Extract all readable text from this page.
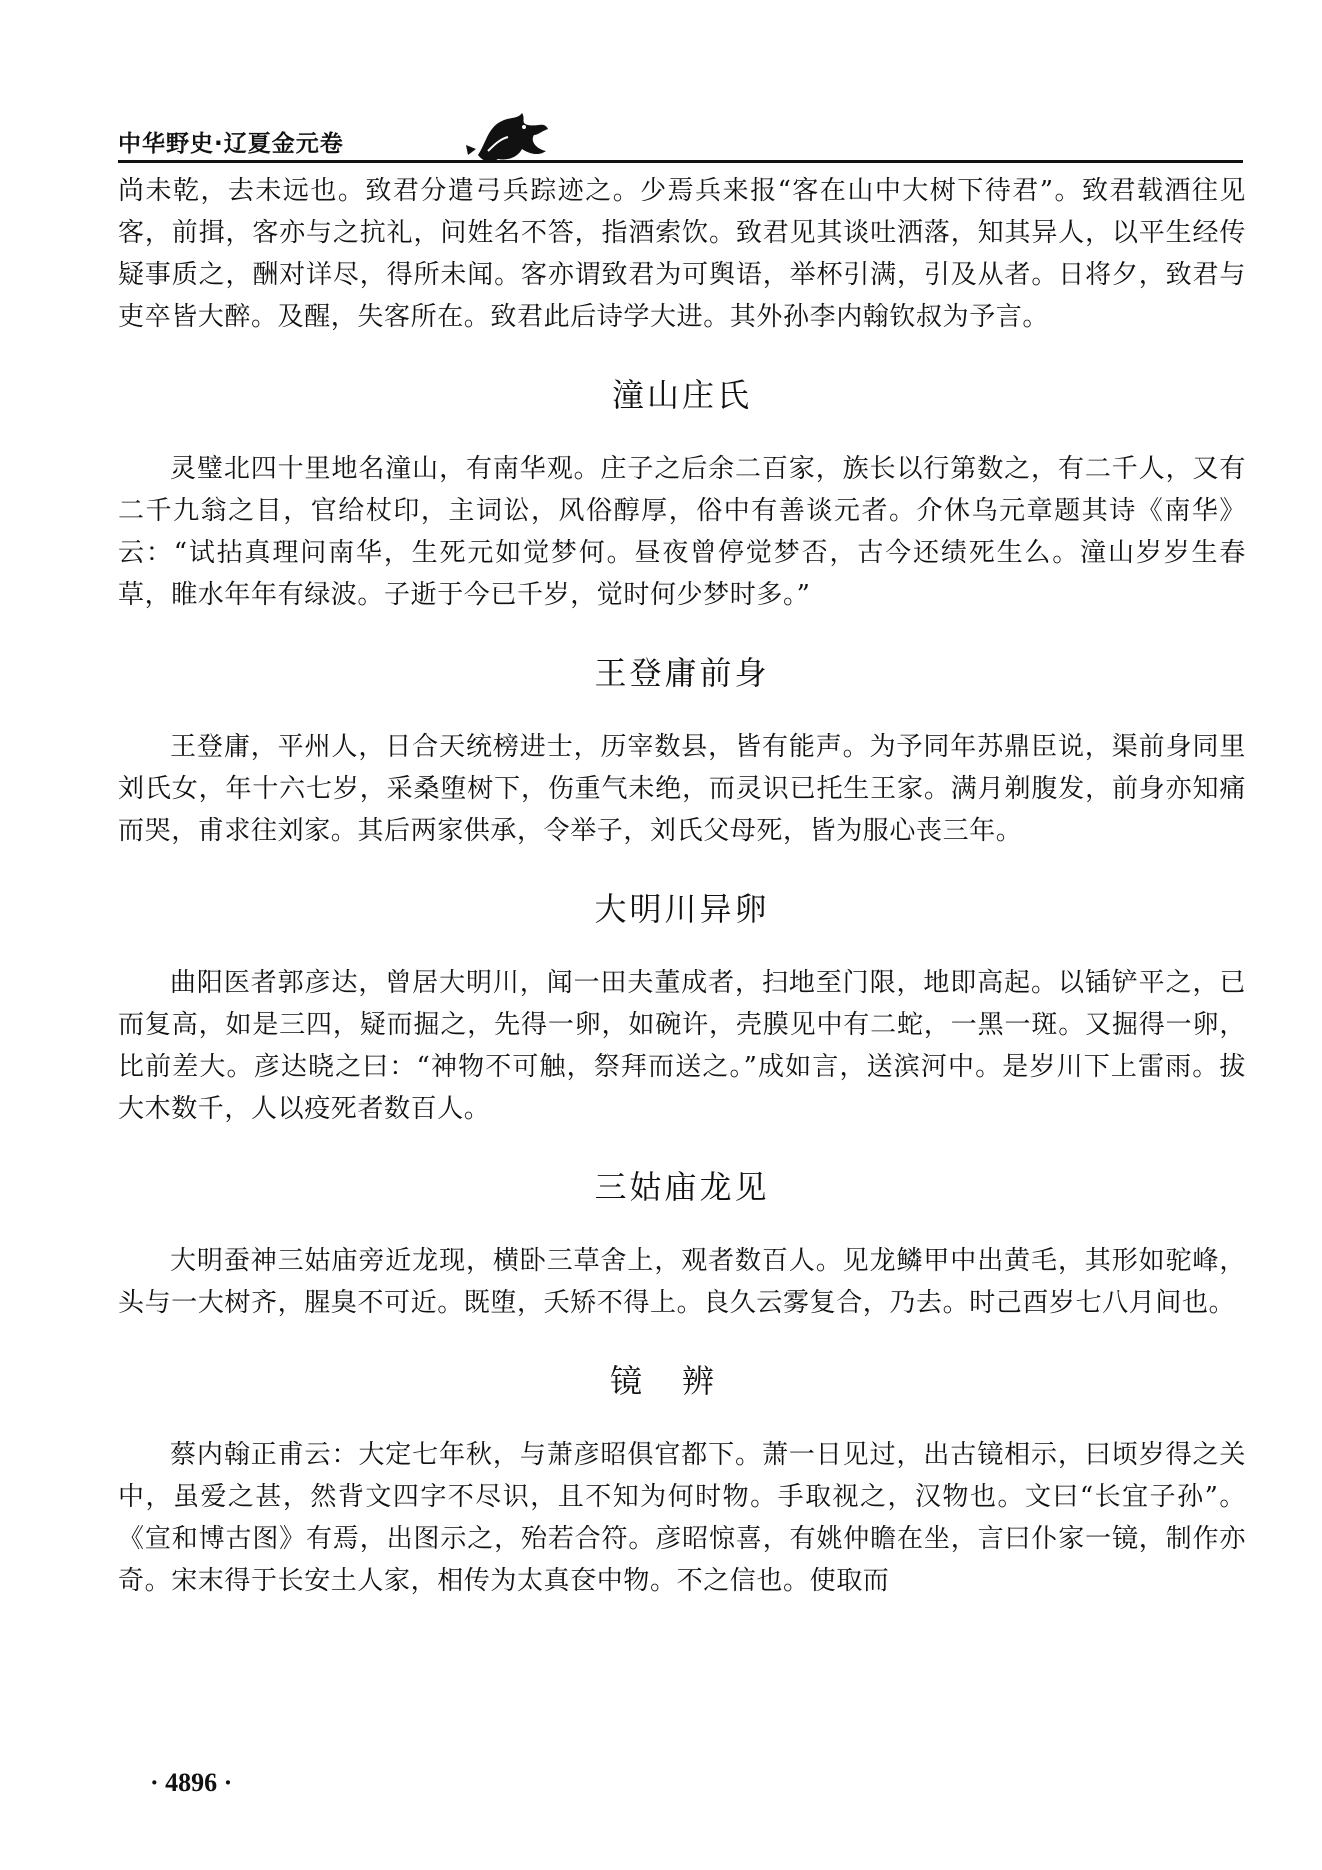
中华野史·辽夏金元卷

尚未乾，去未远也。致君分遣弓兵踪迹之。少焉兵来报“客在山中大树下待君”。致君载酒往见客，前揖，客亦与之抗礼，问姓名不答，指酒索饮。致君见其谈吐洒落，知其异人，以平生经传疑事质之，酬对详尽，得所未闻。客亦谓致君为可舆语，举杯引满，引及从者。日将夕，致君与吏卒皆大醉。及醒，失客所在。致君此后诗学大进。其外孙李内翰钦叔为予言。

潼山庄氏

灵璧北四十里地名潼山，有南华观。庄子之后余二百家，族长以行第数之，有二千人，又有二千九翁之目，官给杖印，主词讼，风俗醇厚，俗中有善谈元者。介休乌元章题其诗《南华》云：“试拈真理问南华，生死元如觉梦何。昼夜曾停觉梦否，古今还绩死生么。潼山岁岁生春草，睢水年年有绿波。子逝于今已千岁，觉时何少梦时多。”

王登庸前身

王登庸，平州人，日合天统榜进士，历宰数县，皆有能声。为予同年苏鼎臣说，渠前身同里刘氏女，年十六七岁，采桑堕树下，伤重气未绝，而灵识已托生王家。满月剃腹发，前身亦知痛而哭，甫求往刘家。其后两家供承，令举子，刘氏父母死，皆为服心丧三年。

大明川异卵

曲阳医者郭彦达，曾居大明川，闻一田夫董成者，扫地至门限，地即高起。以锸铲平之，已而复高，如是三四，疑而掘之，先得一卵，如碗许，壳膜见中有二蛇，一黑一斑。又掘得一卵，比前差大。彦达晓之曰：“神物不可触，祭拜而送之。”成如言，送滨河中。是岁川下上雷雨。拔大木数千，人以疫死者数百人。

三姑庙龙见

大明蚕神三姑庙旁近龙现，横卧三草舍上，观者数百人。见龙鳞甲中出黄毛，其形如驼峰，头与一大树齐，腥臭不可近。既堕，夭矫不得上。良久云雾复合，乃去。时己酉岁七八月间也。

镜辨

蔡内翰正甫云：大定七年秋，与萧彦昭俱官都下。萧一日见过，出古镜相示，曰顷岁得之关中，虽爱之甚，然背文四字不尽识，且不知为何时物。手取视之，汉物也。文曰“长宜子孙”。《宣和博古图》有焉，出图示之，殆若合符。彦昭惊喜，有姚仲瞻在坐，言曰仆家一镜，制作亦奇。宋末得于长安土人家，相传为太真奁中物。不之信也。使取而

· 4896 ·
